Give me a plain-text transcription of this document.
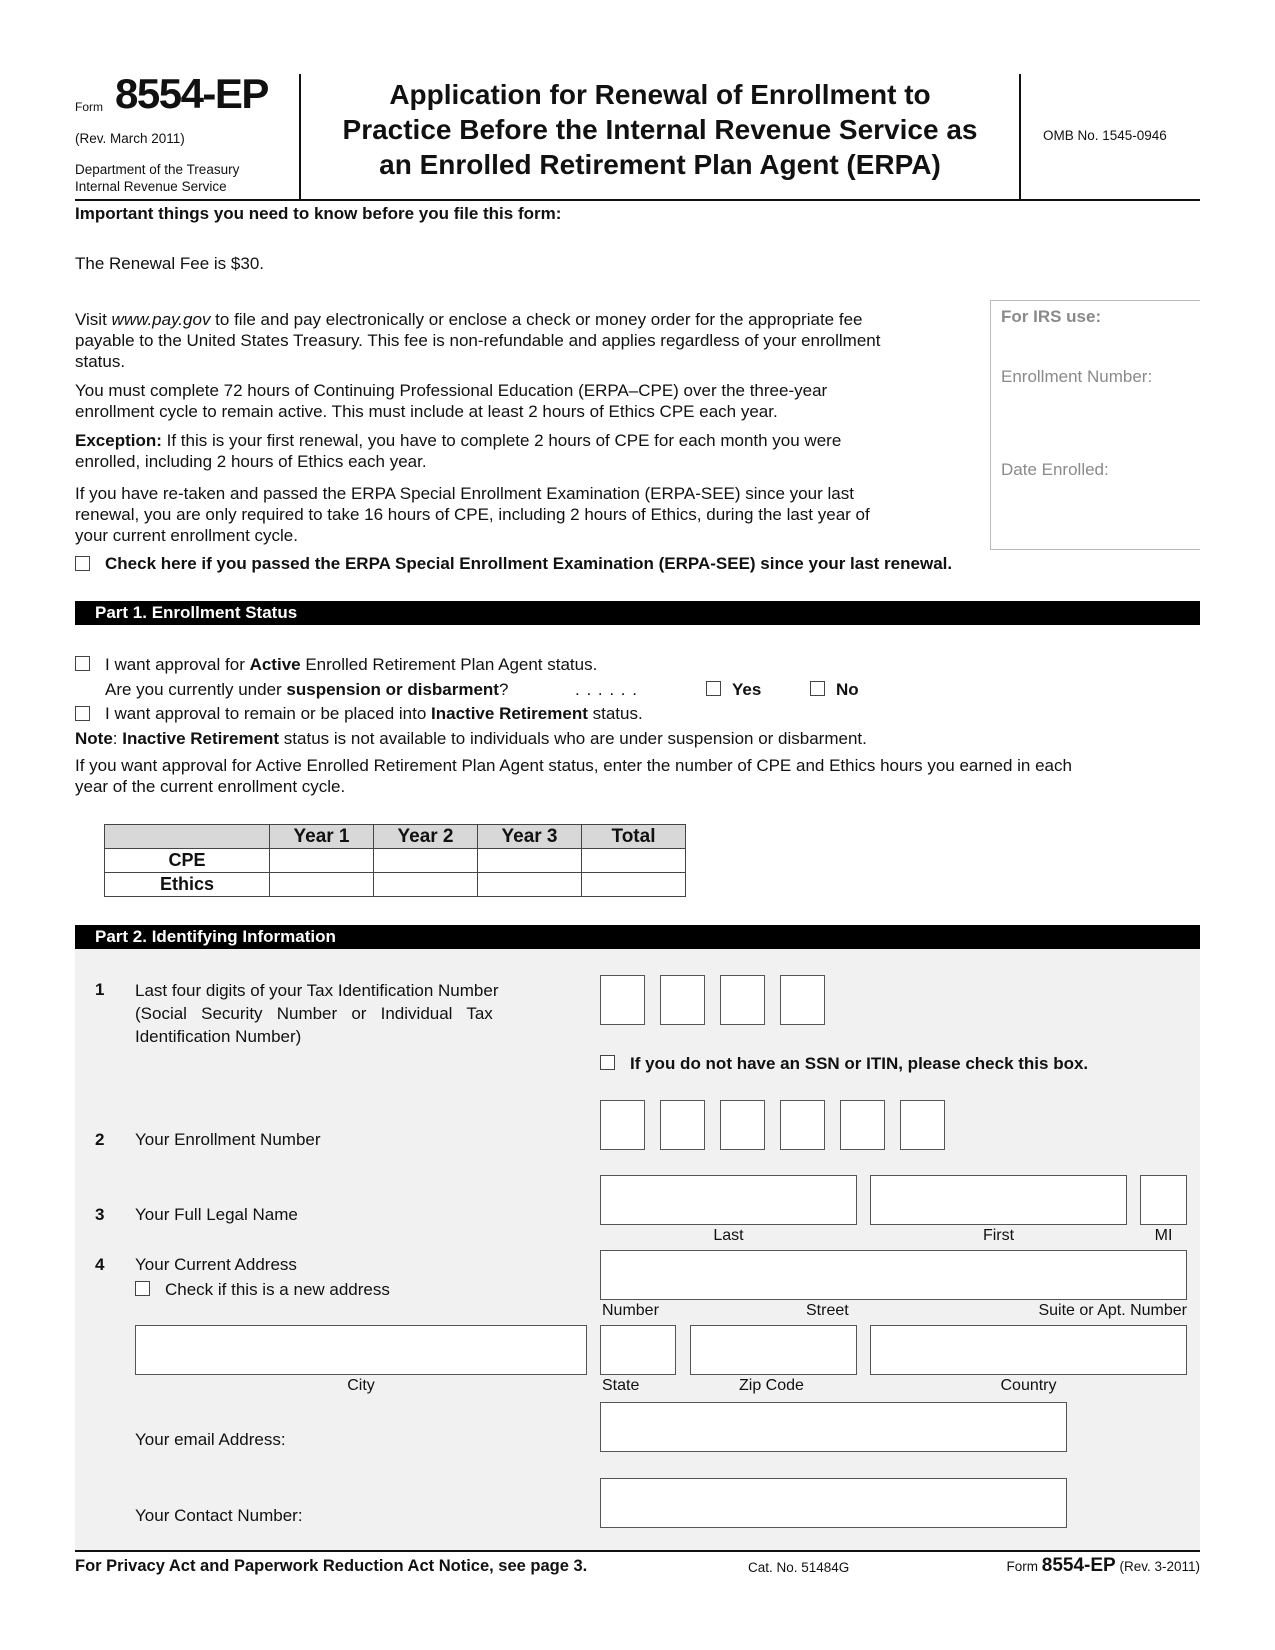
Form 8554-EP
(Rev. March 2011)
Department of the Treasury
Internal Revenue Service
Application for Renewal of Enrollment to
Practice Before the Internal Revenue Service as
an Enrolled Retirement Plan Agent (ERPA)
OMB No. 1545-0946
Important things you need to know before you file this form:
The Renewal Fee is $30.
Visit www.pay.gov to file and pay electronically or enclose a check or money order for the appropriate fee
payable to the United States Treasury. This fee is non-refundable and applies regardless of your enrollment
status.
You must complete 72 hours of Continuing Professional Education (ERPA–CPE) over the three-year
enrollment cycle to remain active. This must include at least 2 hours of Ethics CPE each year.
Exception: If this is your first renewal, you have to complete 2 hours of CPE for each month you were
enrolled, including 2 hours of Ethics each year.
If you have re-taken and passed the ERPA Special Enrollment Examination (ERPA-SEE) since your last
renewal, you are only required to take 16 hours of CPE, including 2 hours of Ethics, during the last year of
your current enrollment cycle.
Check here if you passed the ERPA Special Enrollment Examination (ERPA-SEE) since your last renewal.
For IRS use:
Enrollment Number:
Date Enrolled:
Part 1. Enrollment Status
I want approval for Active Enrolled Retirement Plan Agent status.
Are you currently under suspension or disbarment?	. . . . . .	Yes	No
I want approval to remain or be placed into Inactive Retirement status.
Note: Inactive Retirement status is not available to individuals who are under suspension or disbarment.
If you want approval for Active Enrolled Retirement Plan Agent status, enter the number of CPE and Ethics hours you earned in each
year of the current enrollment cycle.
	Year 1	Year 2	Year 3	Total
CPE				
Ethics				
Part 2. Identifying Information
1 Last four digits of your Tax Identification Number
(Social   Security   Number   or   Individual   Tax
Identification Number)
If you do not have an SSN or ITIN, please check this box.
2 Your Enrollment Number
3 Your Full Legal Name
Last	First	MI
4 Your Current Address
Check if this is a new address
Number	Street	Suite or Apt. Number
City	State	Zip Code	Country
Your email Address:
Your Contact Number:
For Privacy Act and Paperwork Reduction Act Notice, see page 3.	Cat. No. 51484G	Form 8554-EP (Rev. 3-2011)
